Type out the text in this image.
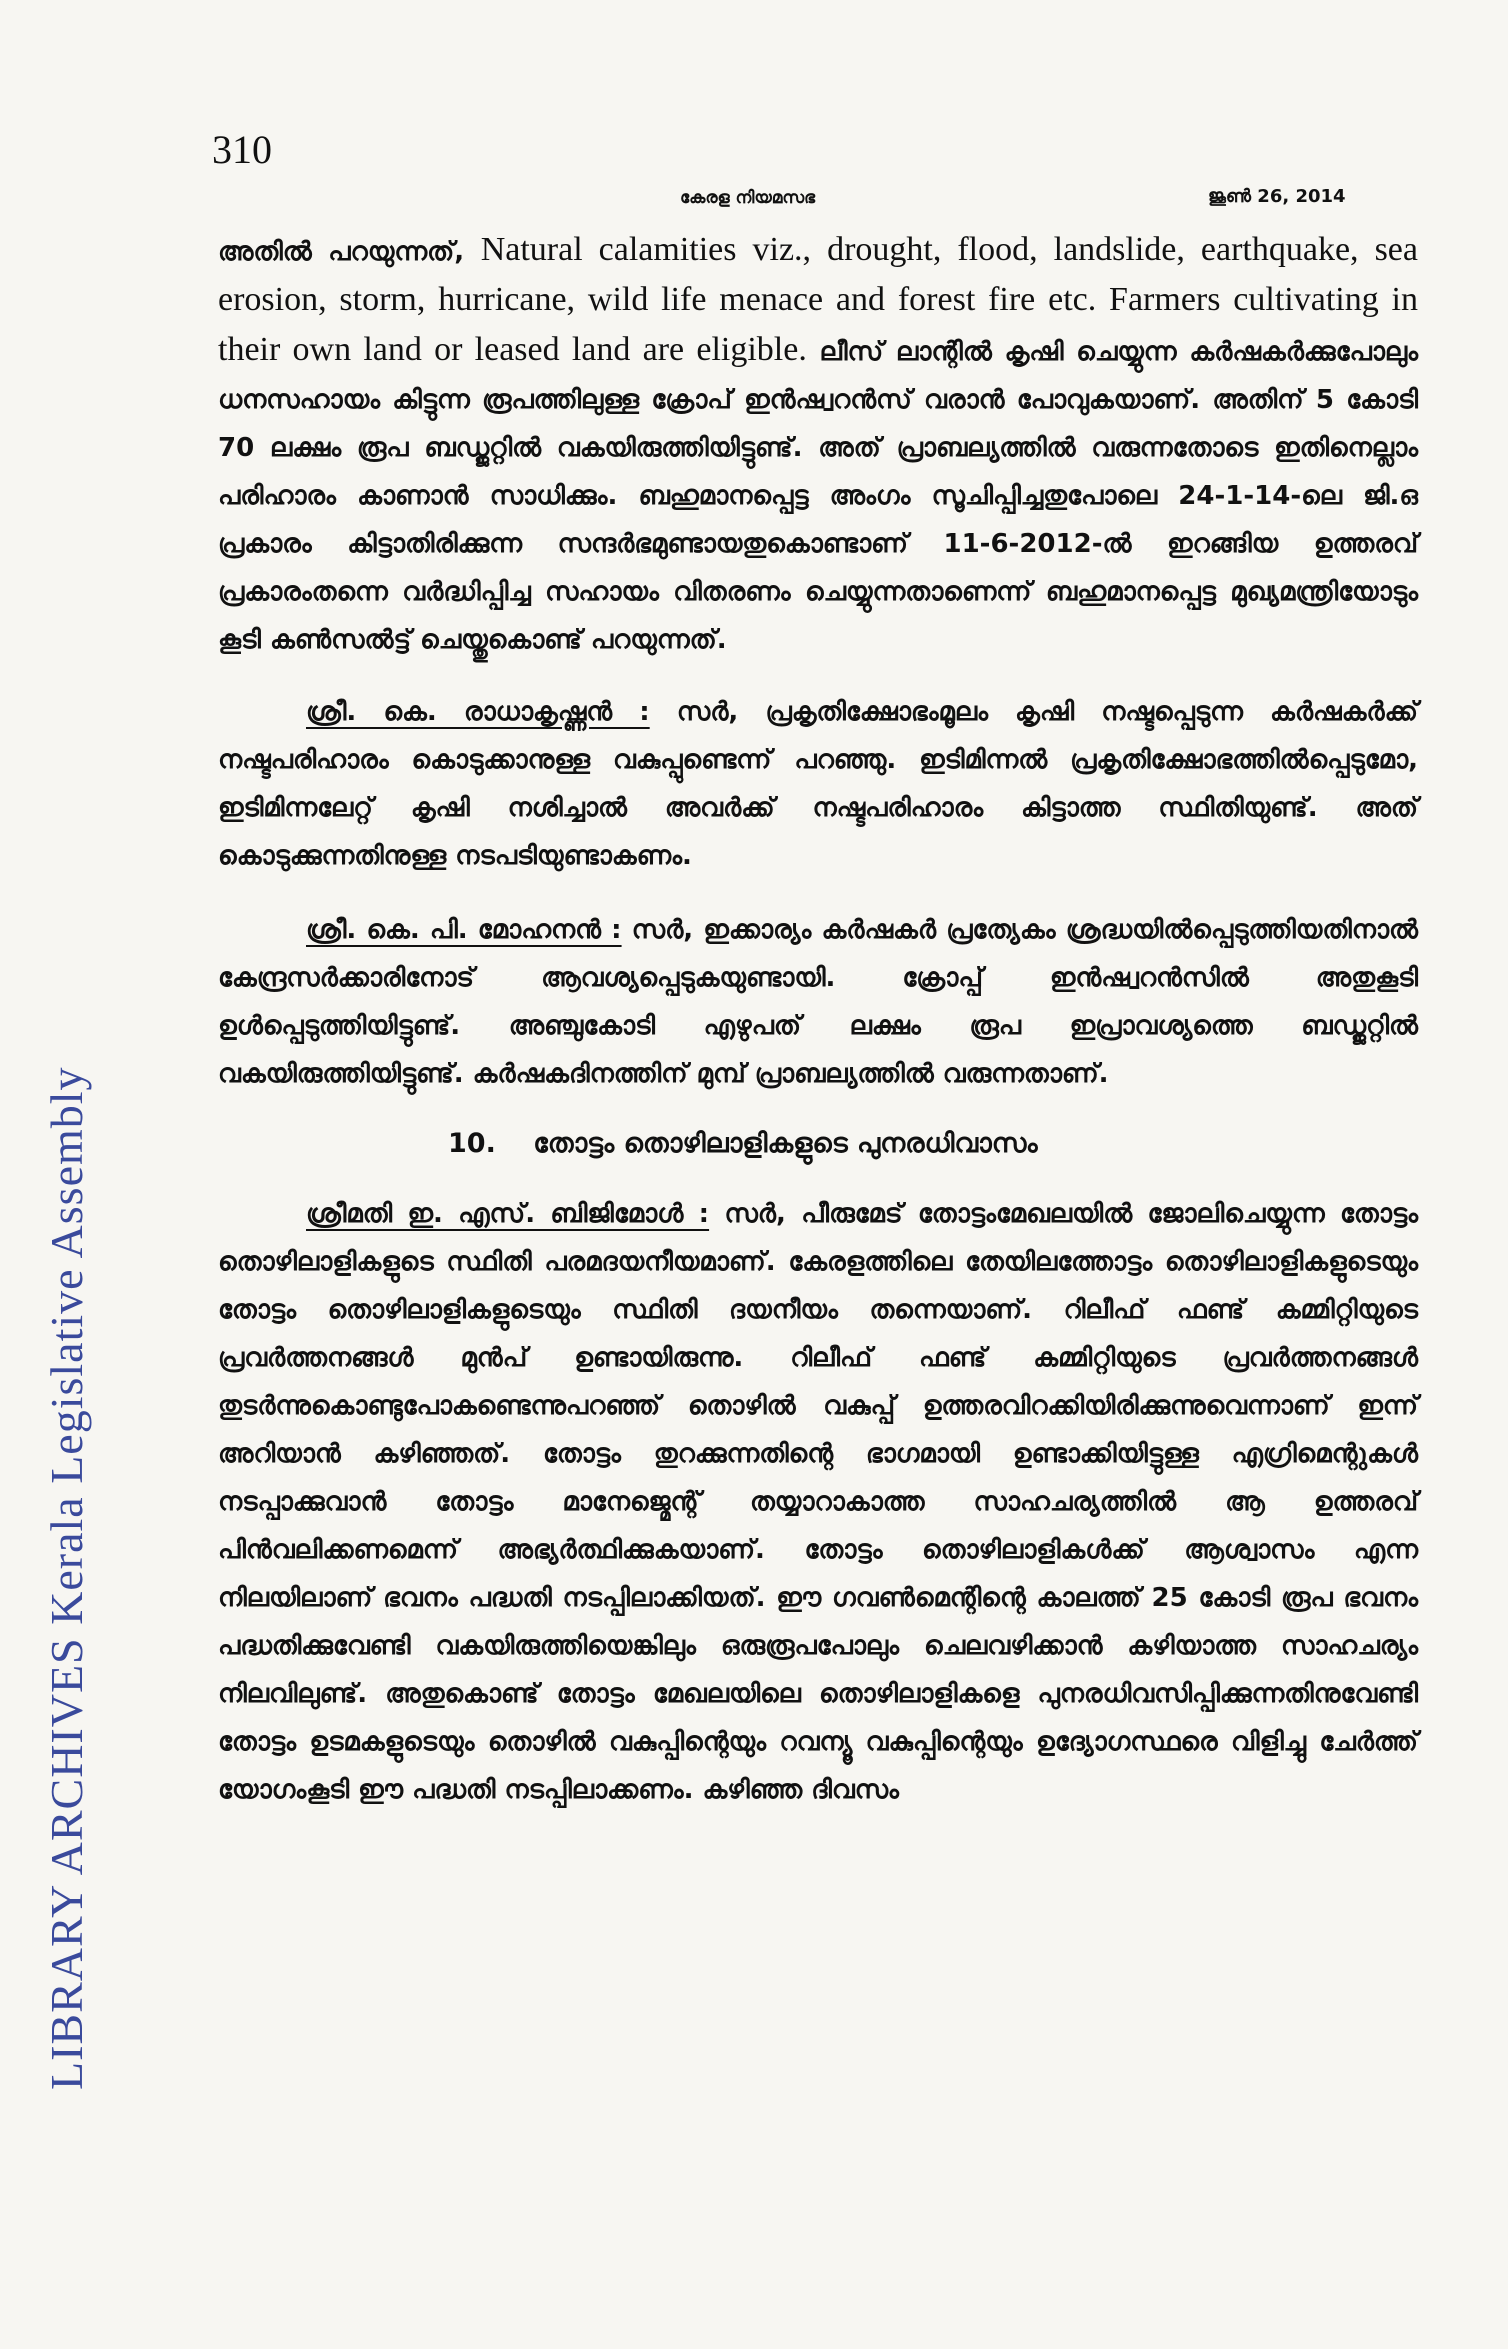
LIBRARY ARCHIVES Kerala Legislative Assembly
310
കേരള നിയമസഭ	ജൂൺ 26, 2014

അതിൽ പറയുന്നത്, Natural calamities viz., drought, flood, landslide, earthquake, sea erosion, storm, hurricane, wild life menace and forest fire etc. Farmers cultivating in their own land or leased land are eligible. ലീസ് ലാന്റിൽ കൃഷി ചെയ്യുന്ന കർഷകർക്കുപോലും ധനസഹായം കിട്ടുന്ന രൂപത്തിലുള്ള ക്രോപ് ഇൻഷ്വറൻസ് വരാൻ പോവുകയാണ്. അതിന് 5 കോടി 70 ലക്ഷം രൂപ ബഡ്ജറ്റിൽ വകയിരുത്തിയിട്ടുണ്ട്. അത് പ്രാബല്യത്തിൽ വരുന്നതോടെ ഇതിനെല്ലാം പരിഹാരം കാണാൻ സാധിക്കും. ബഹുമാനപ്പെട്ട അംഗം സൂചിപ്പിച്ചതുപോലെ 24-1-14-ലെ ജി.ഒ പ്രകാരം കിട്ടാതിരിക്കുന്ന സന്ദർഭമുണ്ടായതുകൊണ്ടാണ് 11-6-2012-ൽ ഇറങ്ങിയ ഉത്തരവ് പ്രകാരംതന്നെ വർദ്ധിപ്പിച്ച സഹായം വിതരണം ചെയ്യുന്നതാണെന്ന് ബഹുമാനപ്പെട്ട മുഖ്യമന്ത്രിയോടും കൂടി കൺസൽട്ട് ചെയ്തുകൊണ്ട് പറയുന്നത്.

ശ്രീ. കെ. രാധാകൃഷ്ണൻ : സർ, പ്രകൃതിക്ഷോഭംമൂലം കൃഷി നഷ്ടപ്പെടുന്ന കർഷകർക്ക് നഷ്ടപരിഹാരം കൊടുക്കാനുള്ള വകുപ്പുണ്ടെന്ന് പറഞ്ഞു. ഇടിമിന്നൽ പ്രകൃതിക്ഷോഭത്തിൽപ്പെടുമോ, ഇടിമിന്നലേറ്റ് കൃഷി നശിച്ചാൽ അവർക്ക് നഷ്ടപരിഹാരം കിട്ടാത്ത സ്ഥിതിയുണ്ട്. അത് കൊടുക്കുന്നതിനുള്ള നടപടിയുണ്ടാകണം.

ശ്രീ. കെ. പി. മോഹനൻ : സർ, ഇക്കാര്യം കർഷകർ പ്രത്യേകം ശ്രദ്ധയിൽപ്പെടുത്തിയതിനാൽ കേന്ദ്രസർക്കാരിനോട് ആവശ്യപ്പെടുകയുണ്ടായി. ക്രോപ്പ് ഇൻഷ്വറൻസിൽ അതുകൂടി ഉൾപ്പെടുത്തിയിട്ടുണ്ട്. അഞ്ചുകോടി എഴുപത് ലക്ഷം രൂപ ഇപ്രാവശ്യത്തെ ബഡ്ജറ്റിൽ വകയിരുത്തിയിട്ടുണ്ട്. കർഷകദിനത്തിന് മുമ്പ് പ്രാബല്യത്തിൽ വരുന്നതാണ്.

10. തോട്ടം തൊഴിലാളികളുടെ പുനരധിവാസം

ശ്രീമതി ഇ. എസ്. ബിജിമോൾ : സർ, പീരുമേട് തോട്ടംമേഖലയിൽ ജോലിചെയ്യുന്ന തോട്ടം തൊഴിലാളികളുടെ സ്ഥിതി പരമദയനീയമാണ്. കേരളത്തിലെ തേയിലത്തോട്ടം തൊഴിലാളികളുടെയും തോട്ടം തൊഴിലാളികളുടെയും സ്ഥിതി ദയനീയം തന്നെയാണ്. റിലീഫ് ഫണ്ട് കമ്മിറ്റിയുടെ പ്രവർത്തനങ്ങൾ മുൻപ് ഉണ്ടായിരുന്നു. റിലീഫ് ഫണ്ട് കമ്മിറ്റിയുടെ പ്രവർത്തനങ്ങൾ തുടർന്നുകൊണ്ടുപോകണ്ടെന്നുപറഞ്ഞ് തൊഴിൽ വകുപ്പ് ഉത്തരവിറക്കിയിരിക്കുന്നുവെന്നാണ് ഇന്ന് അറിയാൻ കഴിഞ്ഞത്. തോട്ടം തുറക്കുന്നതിന്റെ ഭാഗമായി ഉണ്ടാക്കിയിട്ടുള്ള എഗ്രിമെന്റുകൾ നടപ്പാക്കുവാൻ തോട്ടം മാനേജ്മെന്റ് തയ്യാറാകാത്ത സാഹചര്യത്തിൽ ആ ഉത്തരവ് പിൻവലിക്കണമെന്ന് അഭ്യർത്ഥിക്കുകയാണ്. തോട്ടം തൊഴിലാളികൾക്ക് ആശ്വാസം എന്ന നിലയിലാണ് ഭവനം പദ്ധതി നടപ്പിലാക്കിയത്. ഈ ഗവൺമെന്റിന്റെ കാലത്ത് 25 കോടി രൂപ ഭവനം പദ്ധതിക്കുവേണ്ടി വകയിരുത്തിയെങ്കിലും ഒരുരൂപപോലും ചെലവഴിക്കാൻ കഴിയാത്ത സാഹചര്യം നിലവിലുണ്ട്. അതുകൊണ്ട് തോട്ടം മേഖലയിലെ തൊഴിലാളികളെ പുനരധിവസിപ്പിക്കുന്നതിനുവേണ്ടി തോട്ടം ഉടമകളുടെയും തൊഴിൽ വകുപ്പിന്റെയും റവന്യൂ വകുപ്പിന്റെയും ഉദ്യോഗസ്ഥരെ വിളിച്ചു ചേർത്ത് യോഗംകൂടി ഈ പദ്ധതി നടപ്പിലാക്കണം. കഴിഞ്ഞ ദിവസം
